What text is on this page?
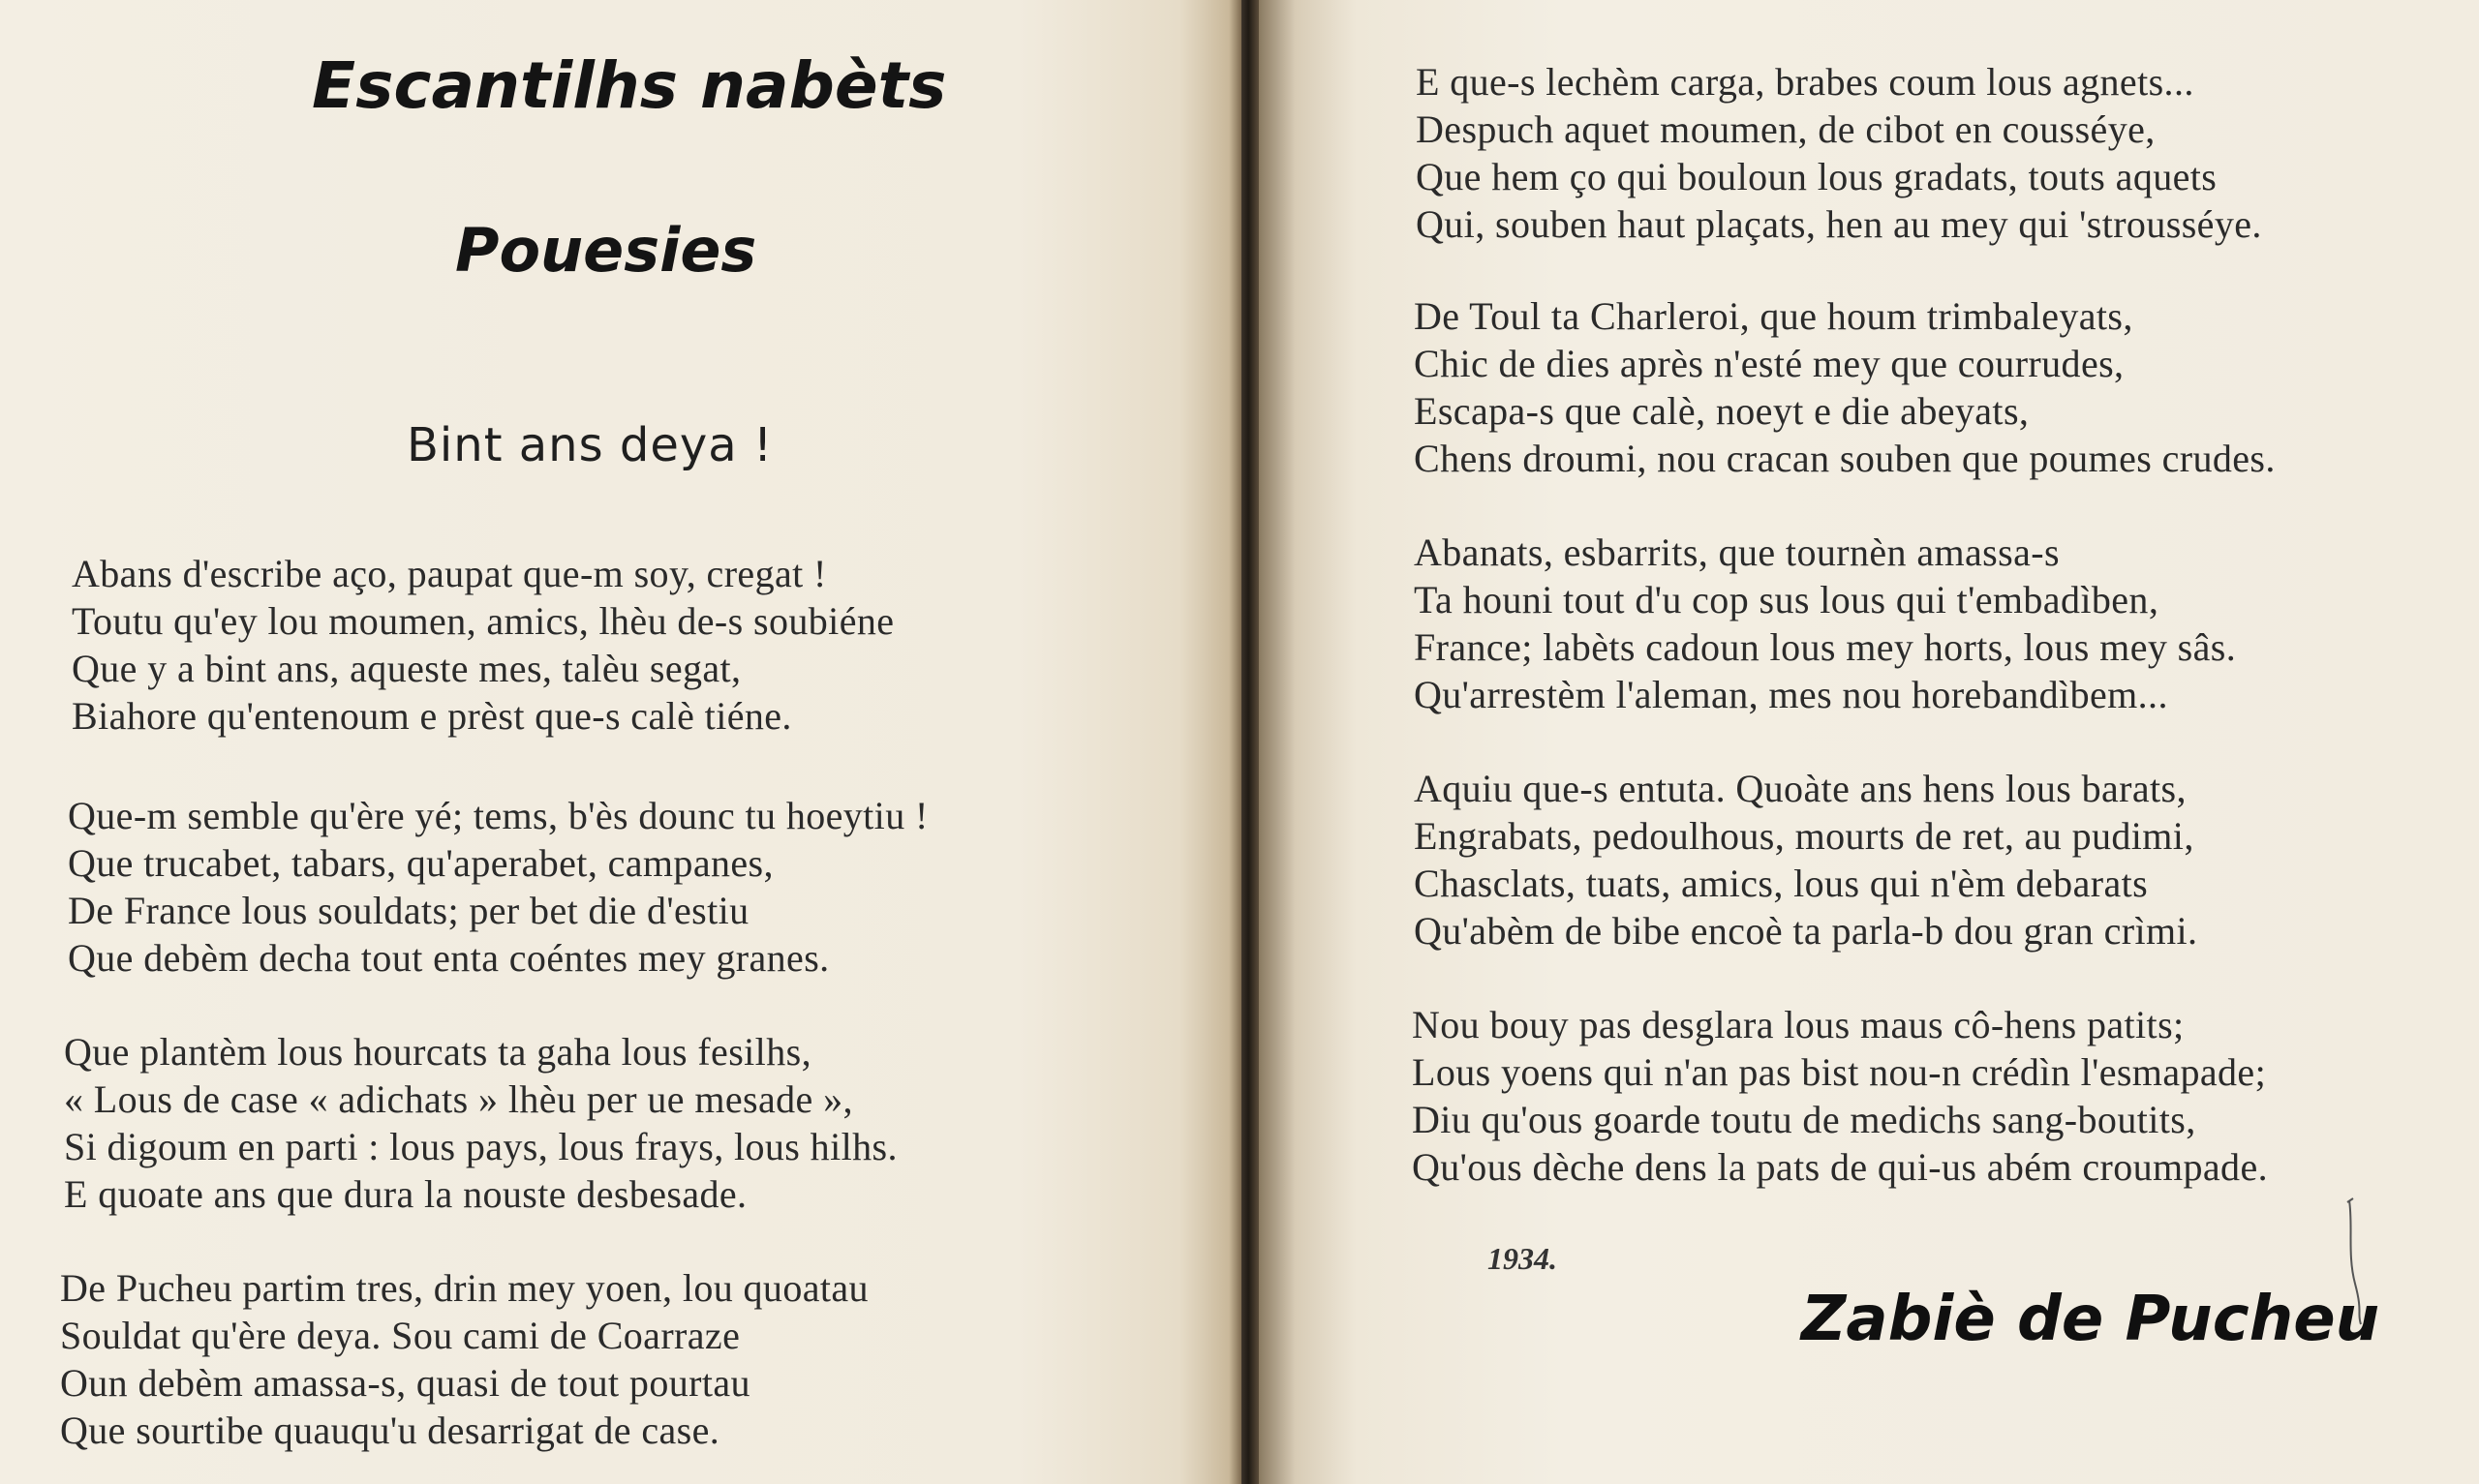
Escantilhs nabèts
Pouesies
Bint ans deya !

Abans d'escribe aço, paupat que-m soy, cregat !
Toutu qu'ey lou moumen, amics, lhèu de-s soubiéne
Que y a bint ans, aqueste mes, talèu segat,
Biahore qu'entenoum e prèst que-s calè tiéne.

Que-m semble qu'ère yé; tems, b'ès dounc tu hoeytiu !
Que trucabet, tabars, qu'aperabet, campanes,
De France lous souldats; per bet die d'estiu
Que debèm decha tout enta coéntes mey granes.

Que plantèm lous hourcats ta gaha lous fesilhs,
« Lous de case « adichats » lhèu per ue mesade »,
Si digoum en parti : lous pays, lous frays, lous hilhs.
E quoate ans que dura la nouste desbesade.

De Pucheu partim tres, drin mey yoen, lou quoatau
Souldat qu'ère deya. Sou cami de Coarraze
Oun debèm amassa-s, quasi de tout pourtau
Que sourtibe quauqu'u desarrigat de case.

E que-s lechèm carga, brabes coum lous agnets...
Despuch aquet moumen, de cibot en cousséye,
Que hem ço qui bouloun lous gradats, touts aquets
Qui, souben haut plaçats, hen au mey qui 'strousséye.

De Toul ta Charleroi, que houm trimbaleyats,
Chic de dies après n'esté mey que courrudes,
Escapa-s que calè, noeyt e die abeyats,
Chens droumi, nou cracan souben que poumes crudes.

Abanats, esbarrits, que tournèn amassa-s
Ta houni tout d'u cop sus lous qui t'embadìben,
France; labèts cadoun lous mey horts, lous mey sâs.
Qu'arrestèm l'aleman, mes nou horebandìbem...

Aquiu que-s entuta. Quoàte ans hens lous barats,
Engrabats, pedoulhous, mourts de ret, au pudimi,
Chasclats, tuats, amics, lous qui n'èm debarats
Qu'abèm de bibe encoè ta parla-b dou gran crìmi.

Nou bouy pas desglara lous maus cô-hens patits;
Lous yoens qui n'an pas bist nou-n crédìn l'esmapade;
Diu qu'ous goarde toutu de medichs sang-boutits,
Qu'ous dèche dens la pats de qui-us abém croumpade.

1934.

Zabiè de Pucheu
